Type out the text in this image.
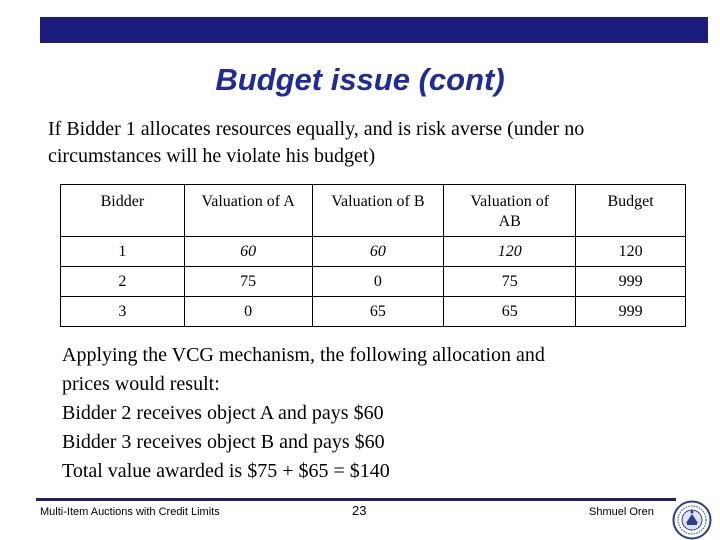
Budget issue (cont)
If Bidder 1 allocates resources equally, and is risk averse (under no circumstances will he violate his budget)
Bidder	Valuation of A	Valuation of B	Valuation of AB	Budget
1	60	60	120	120
2	75	0	75	999
3	0	65	65	999
Applying the VCG mechanism, the following allocation and
prices would result:
Bidder 2 receives object A and pays $60
Bidder 3 receives object B and pays $60
Total value awarded is $75 + $65 = $140
Multi-Item Auctions with Credit Limits	23	Shmuel Oren
